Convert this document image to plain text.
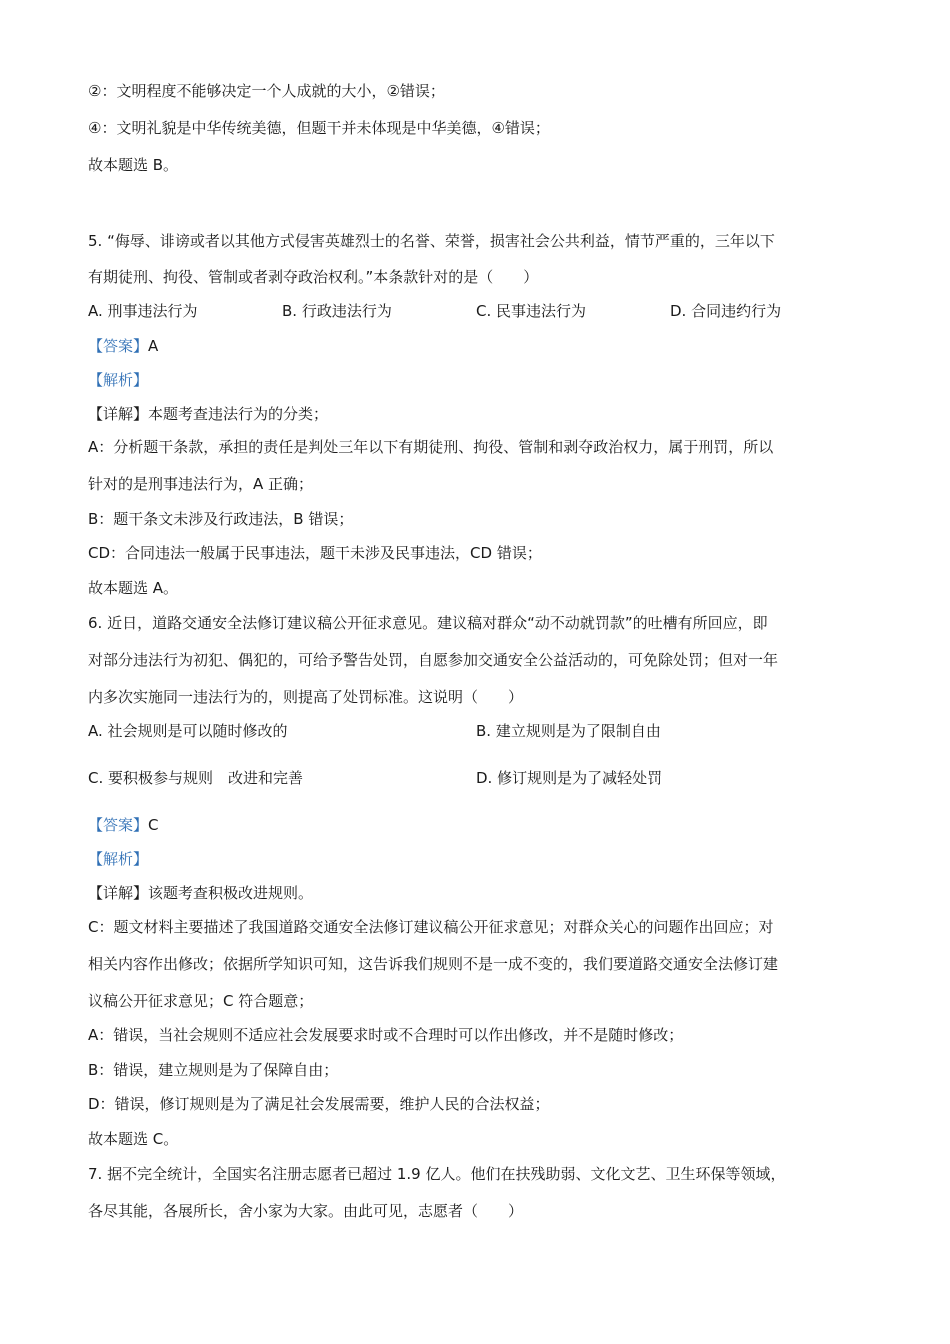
②：文明程度不能够决定一个人成就的大小，②错误；
④：文明礼貌是中华传统美德，但题干并未体现是中华美德，④错误；
故本题选 B。
5. “侮辱、诽谤或者以其他方式侵害英雄烈士的名誉、荣誉，损害社会公共利益，情节严重的，三年以下
有期徒刑、拘役、管制或者剥夺政治权利。”本条款针对的是（　　）
A. 刑事违法行为	B. 行政违法行为	C. 民事违法行为	D. 合同违约行为
【答案】A
【解析】
【详解】本题考查违法行为的分类；
A：分析题干条款，承担的责任是判处三年以下有期徒刑、拘役、管制和剥夺政治权力，属于刑罚，所以
针对的是刑事违法行为，A 正确；
B：题干条文未涉及行政违法，B 错误；
CD：合同违法一般属于民事违法，题干未涉及民事违法，CD 错误；
故本题选 A。
6. 近日，道路交通安全法修订建议稿公开征求意见。建议稿对群众“动不动就罚款”的吐槽有所回应，即
对部分违法行为初犯、偶犯的，可给予警告处罚，自愿参加交通安全公益活动的，可免除处罚；但对一年
内多次实施同一违法行为的，则提高了处罚标准。这说明（　　）
A. 社会规则是可以随时修改的	B. 建立规则是为了限制自由
C. 要积极参与规则　改进和完善	D. 修订规则是为了减轻处罚
【答案】C
【解析】
【详解】该题考查积极改进规则。
C：题文材料主要描述了我国道路交通安全法修订建议稿公开征求意见；对群众关心的问题作出回应；对
相关内容作出修改；依据所学知识可知，这告诉我们规则不是一成不变的，我们要道路交通安全法修订建
议稿公开征求意见；C 符合题意；
A：错误，当社会规则不适应社会发展要求时或不合理时可以作出修改，并不是随时修改；
B：错误，建立规则是为了保障自由；
D：错误，修订规则是为了满足社会发展需要，维护人民的合法权益；
故本题选 C。
7. 据不完全统计，全国实名注册志愿者已超过 1.9 亿人。他们在扶残助弱、文化文艺、卫生环保等领域，
各尽其能，各展所长，舍小家为大家。由此可见，志愿者（　　）
